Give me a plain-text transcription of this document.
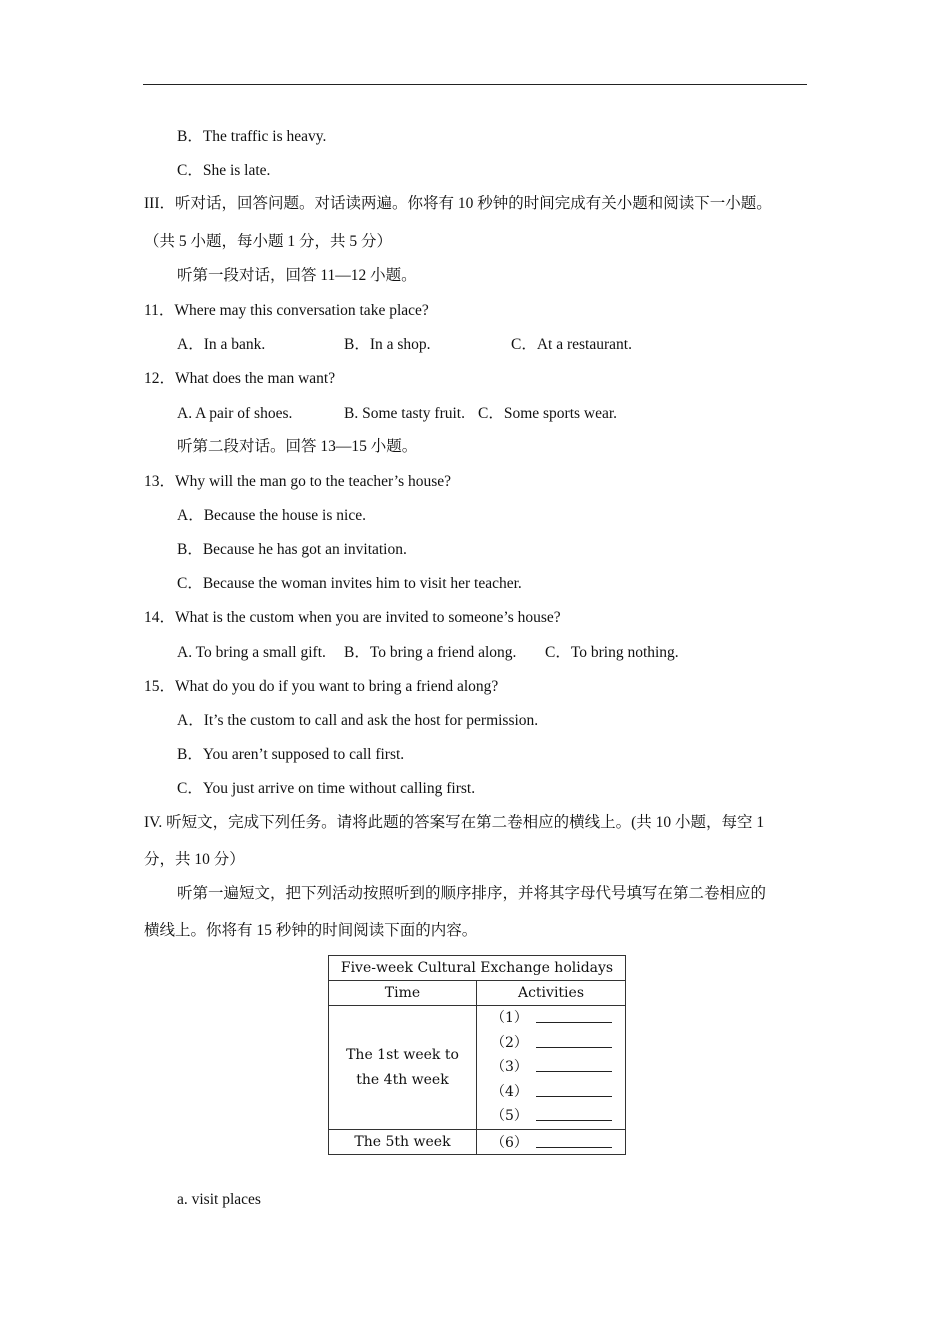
B．The traffic is heavy.
C．She is late.
III．听对话，回答问题。对话读两遍。你将有 10 秒钟的时间完成有关小题和阅读下一小题。
（共 5 小题，每小题 1 分，共 5 分）
听第一段对话，回答 11—12 小题。
11．Where may this conversation take place?
A．In a bank.	B．In a shop.	C．At a restaurant.
12．What does the man want?
A. A pair of shoes.	B. Some tasty fruit. C．Some sports wear.
听第二段对话。回答 13—15 小题。
13．Why will the man go to the teacher’s house?
A．Because the house is nice.
B．Because he has got an invitation.
C．Because the woman invites him to visit her teacher.
14．What is the custom when you are invited to someone’s house?
A. To bring a small gift. B．To bring a friend along. C．To bring nothing.
15．What do you do if you want to bring a friend along?
A．It’s the custom to call and ask the host for permission.
B．You aren’t supposed to call first.
C．You just arrive on time without calling first.
IV. 听短文，完成下列任务。请将此题的答案写在第二卷相应的横线上。(共 10 小题，每空 1
分，共 10 分）
听第一遍短文，把下列活动按照听到的顺序排序，并将其字母代号填写在第二卷相应的
横线上。你将有 15 秒钟的时间阅读下面的内容。
Five-week Cultural Exchange holidays	
Time	Activities
The 1st week to the 4th week	（1）
（2）
（3）
（4）
（5）

The 5th week	（6）
a. visit places
